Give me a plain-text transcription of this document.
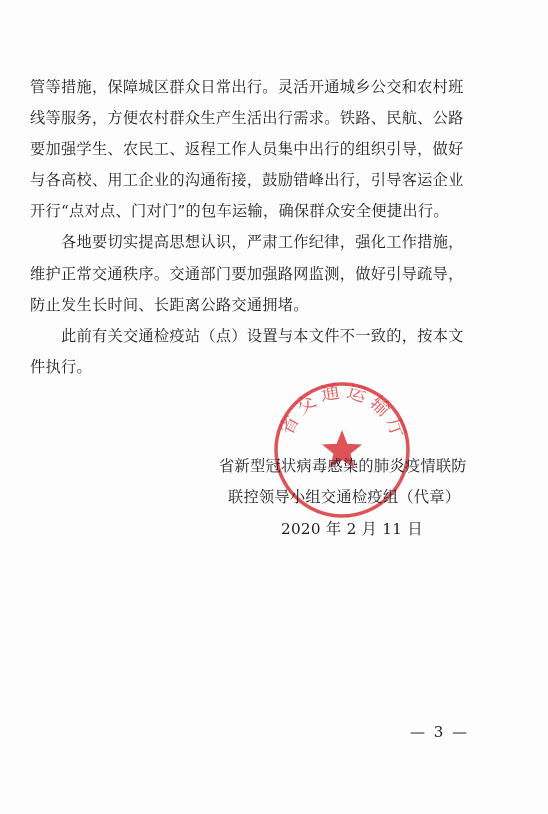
管等措施，保障城区群众日常出行。灵活开通城乡公交和农村班
线等服务，方便农村群众生产生活出行需求。铁路、民航、公路
要加强学生、农民工、返程工作人员集中出行的组织引导，做好
与各高校、用工企业的沟通衔接，鼓励错峰出行，引导客运企业
开行“点对点、门对门”的包车运输，确保群众安全便捷出行。
各地要切实提高思想认识，严肃工作纪律，强化工作措施，
维护正常交通秩序。交通部门要加强路网监测，做好引导疏导，
防止发生长时间、长距离公路交通拥堵。
此前有关交通检疫站（点）设置与本文件不一致的，按本文
件执行。
省交通运输厅
省新型冠状病毒感染的肺炎疫情联防
联控领导小组交通检疫组（代章）
2020 年 2 月 11 日
— 3 —
